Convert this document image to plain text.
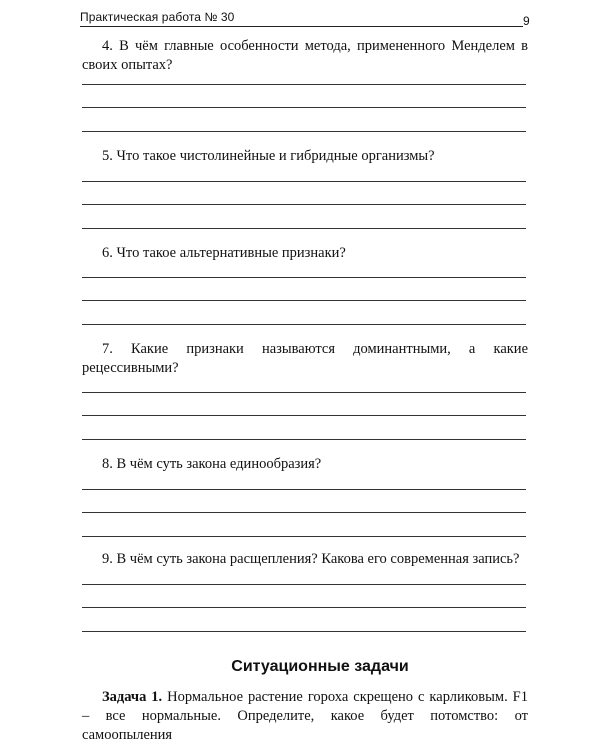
Практическая работа № 30	9
4. В чём главные особенности метода, примененного Менделем в своих опытах?
5. Что такое чистолинейные и гибридные организмы?
6. Что такое альтернативные признаки?
7. Какие признаки называются доминантными, а какие рецессивными?
8. В чём суть закона единообразия?
9. В чём суть закона расщепления? Какова его современная запись?
Ситуационные задачи
Задача 1. Нормальное растение гороха скрещено с карликовым. F1 – все нормальные. Определите, какое будет потомство: от самоопыления
